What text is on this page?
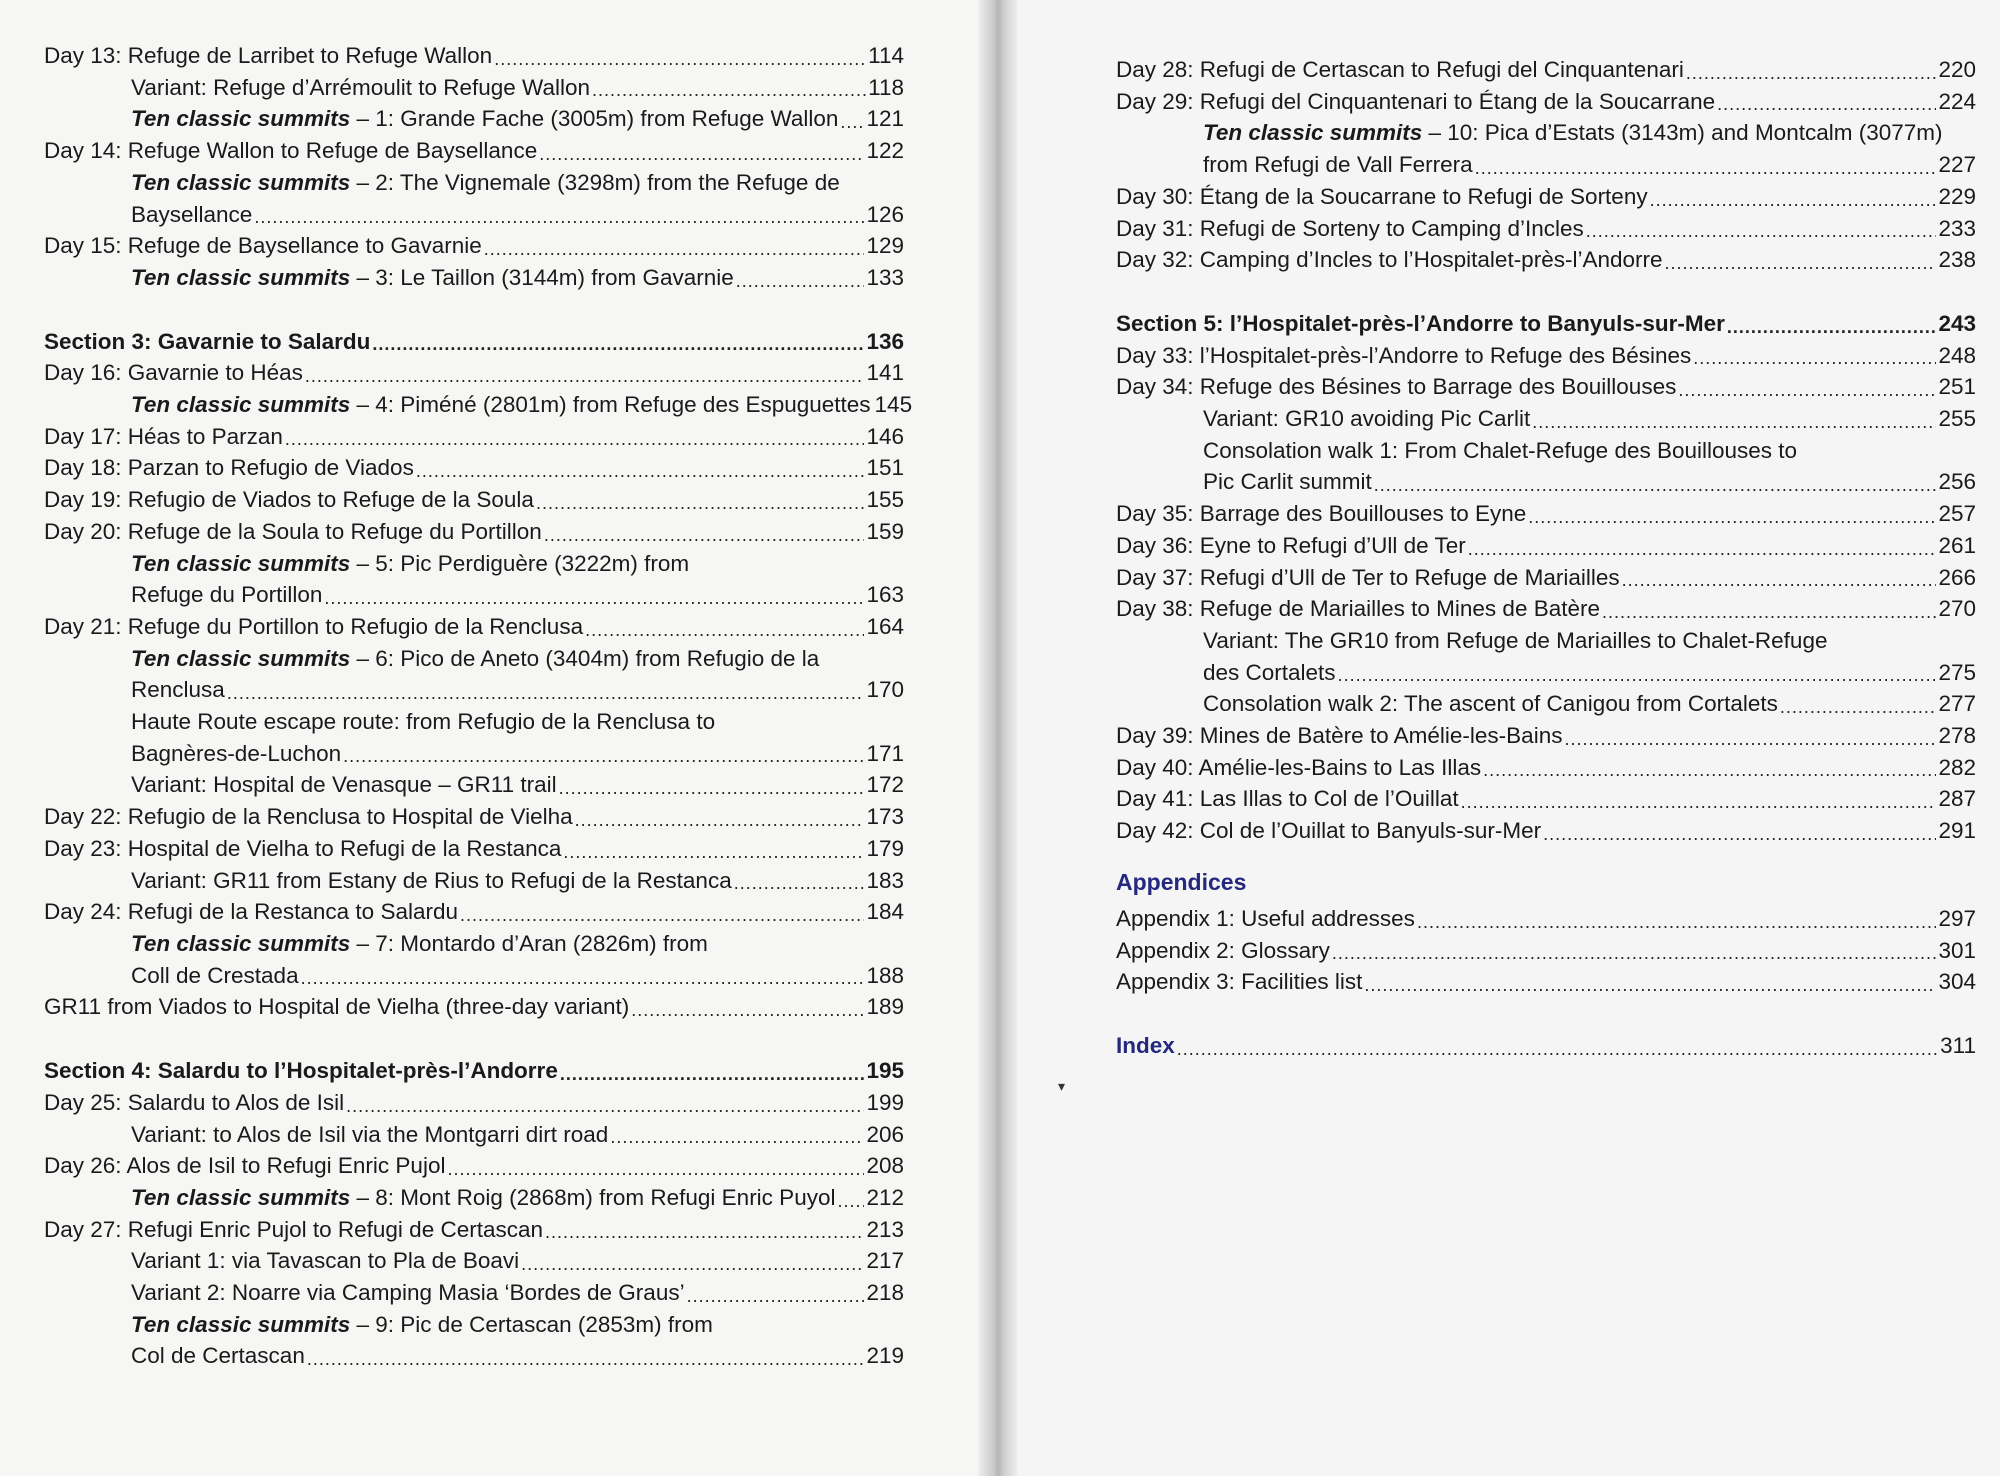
▾
Day 13: Refuge de Larribet to Refuge Wallon .....	114
Variant: Refuge d’Arrémoulit to Refuge Wallon .....	118
Ten classic summits – 1: Grande Fache (3005m) from Refuge Wallon ..... 121
Day 14: Refuge Wallon to Refuge de Baysellance .....	122
Ten classic summits – 2: The Vignemale (3298m) from the Refuge de
Baysellance .....	126
Day 15: Refuge de Baysellance to Gavarnie .....	129
Ten classic summits – 3: Le Taillon (3144m) from Gavarnie .....	133
Section 3: Gavarnie to Salardu .....	136
Day 16: Gavarnie to Héas .....	141
Ten classic summits – 4: Piméné (2801m) from Refuge des Espuguettes 145
Day 17: Héas to Parzan .....	146
Day 18: Parzan to Refugio de Viados .....	151
Day 19: Refugio de Viados to Refuge de la Soula .....	155
Day 20: Refuge de la Soula to Refuge du Portillon .....	159
Ten classic summits – 5: Pic Perdiguère (3222m) from
Refuge du Portillon .....	163
Day 21: Refuge du Portillon to Refugio de la Renclusa .....	164
Ten classic summits – 6: Pico de Aneto (3404m) from Refugio de la
Renclusa .....	170
Haute Route escape route: from Refugio de la Renclusa to
Bagnères-de-Luchon .....	171
Variant: Hospital de Venasque – GR11 trail .....	172
Day 22: Refugio de la Renclusa to Hospital de Vielha .....	173
Day 23: Hospital de Vielha to Refugi de la Restanca .....	179
Variant: GR11 from Estany de Rius to Refugi de la Restanca .....	183
Day 24: Refugi de la Restanca to Salardu .....	184
Ten classic summits – 7: Montardo d’Aran (2826m) from
Coll de Crestada .....	188
GR11 from Viados to Hospital de Vielha (three-day variant) .....	189
Section 4: Salardu to l’Hospitalet-près-l’Andorre .....	195
Day 25: Salardu to Alos de Isil .....	199
Variant: to Alos de Isil via the Montgarri dirt road .....	206
Day 26: Alos de Isil to Refugi Enric Pujol .....	208
Ten classic summits – 8: Mont Roig (2868m) from Refugi Enric Puyol ..... 212
Day 27: Refugi Enric Pujol to Refugi de Certascan .....	213
Variant 1: via Tavascan to Pla de Boavi .....	217
Variant 2: Noarre via Camping Masia ‘Bordes de Graus’ .....	218
Ten classic summits – 9: Pic de Certascan (2853m) from
Col de Certascan .....	219
Day 28: Refugi de Certascan to Refugi del Cinquantenari .....	220
Day 29: Refugi del Cinquantenari to Étang de la Soucarrane .....	224
Ten classic summits – 10: Pica d’Estats (3143m) and Montcalm (3077m)
from Refugi de Vall Ferrera .....	227
Day 30: Étang de la Soucarrane to Refugi de Sorteny .....	229
Day 31: Refugi de Sorteny to Camping d’Incles .....	233
Day 32: Camping d’Incles to l’Hospitalet-près-l’Andorre .....	238
Section 5: l’Hospitalet-près-l’Andorre to Banyuls-sur-Mer .....	243
Day 33: l’Hospitalet-près-l’Andorre to Refuge des Bésines .....	248
Day 34: Refuge des Bésines to Barrage des Bouillouses .....	251
Variant: GR10 avoiding Pic Carlit .....	255
Consolation walk 1: From Chalet-Refuge des Bouillouses to
Pic Carlit summit .....	256
Day 35: Barrage des Bouillouses to Eyne .....	257
Day 36: Eyne to Refugi d’Ull de Ter .....	261
Day 37: Refugi d’Ull de Ter to Refuge de Mariailles .....	266
Day 38: Refuge de Mariailles to Mines de Batère .....	270
Variant: The GR10 from Refuge de Mariailles to Chalet-Refuge
des Cortalets .....	275
Consolation walk 2: The ascent of Canigou from Cortalets .....	277
Day 39: Mines de Batère to Amélie-les-Bains .....	278
Day 40: Amélie-les-Bains to Las Illas .....	282
Day 41: Las Illas to Col de l’Ouillat .....	287
Day 42: Col de l’Ouillat to Banyuls-sur-Mer .....	291
Appendices
Appendix 1: Useful addresses .....	297
Appendix 2: Glossary .....	301
Appendix 3: Facilities list .....	304
Index .....	311
